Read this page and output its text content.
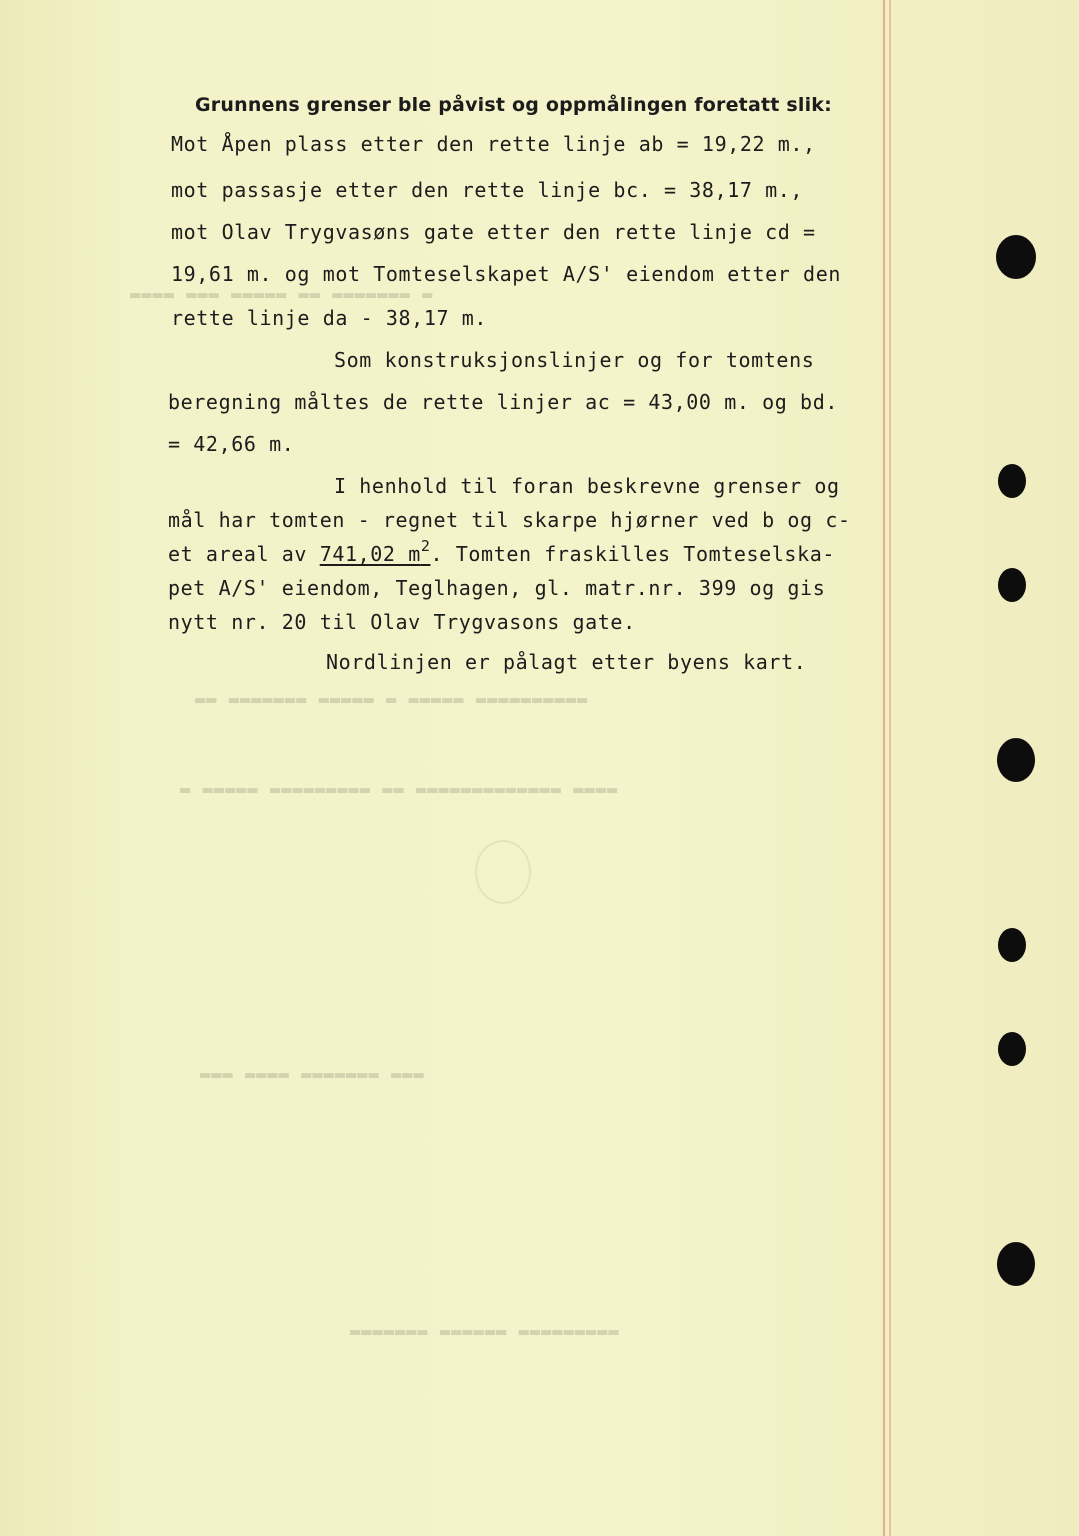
▬▬▬▬ ▬▬▬ ▬▬▬▬▬ ▬▬ ▬▬▬▬▬▬▬ ▬
▬▬ ▬▬▬▬▬▬▬ ▬▬▬▬▬ ▬ ▬▬▬▬▬ ▬▬▬▬▬▬▬▬▬▬
▬ ▬▬▬▬▬ ▬▬▬▬▬▬▬▬▬ ▬▬ ▬▬▬▬▬▬▬▬▬▬▬▬▬ ▬▬▬▬
▬▬▬ ▬▬▬▬ ▬▬▬▬▬▬▬ ▬▬▬
▬▬▬▬▬▬▬ ▬▬▬▬▬▬ ▬▬▬▬▬▬▬▬▬
Grunnens grenser ble påvist og oppmålingen foretatt slik:
Mot Åpen plass etter den rette linje ab = 19,22 m.,
mot passasje etter den rette linje bc. = 38,17 m.,
mot Olav Trygvasøns gate etter den rette linje cd =
19,61 m. og mot Tomteselskapet A/S' eiendom etter den
rette linje da - 38,17 m.
Som konstruksjonslinjer og for tomtens
beregning måltes de rette linjer ac = 43,00 m. og bd.
= 42,66 m.
I henhold til foran beskrevne grenser og
mål har tomten - regnet til skarpe hjørner ved b og c-
et areal av 741,02 $m^2$. Tomten fraskilles Tomteselska-
pet A/S' eiendom, Teglhagen, gl. matr.nr. 399 og gis
nytt nr. 20 til Olav Trygvasons gate.
Nordlinjen er pålagt etter byens kart.
